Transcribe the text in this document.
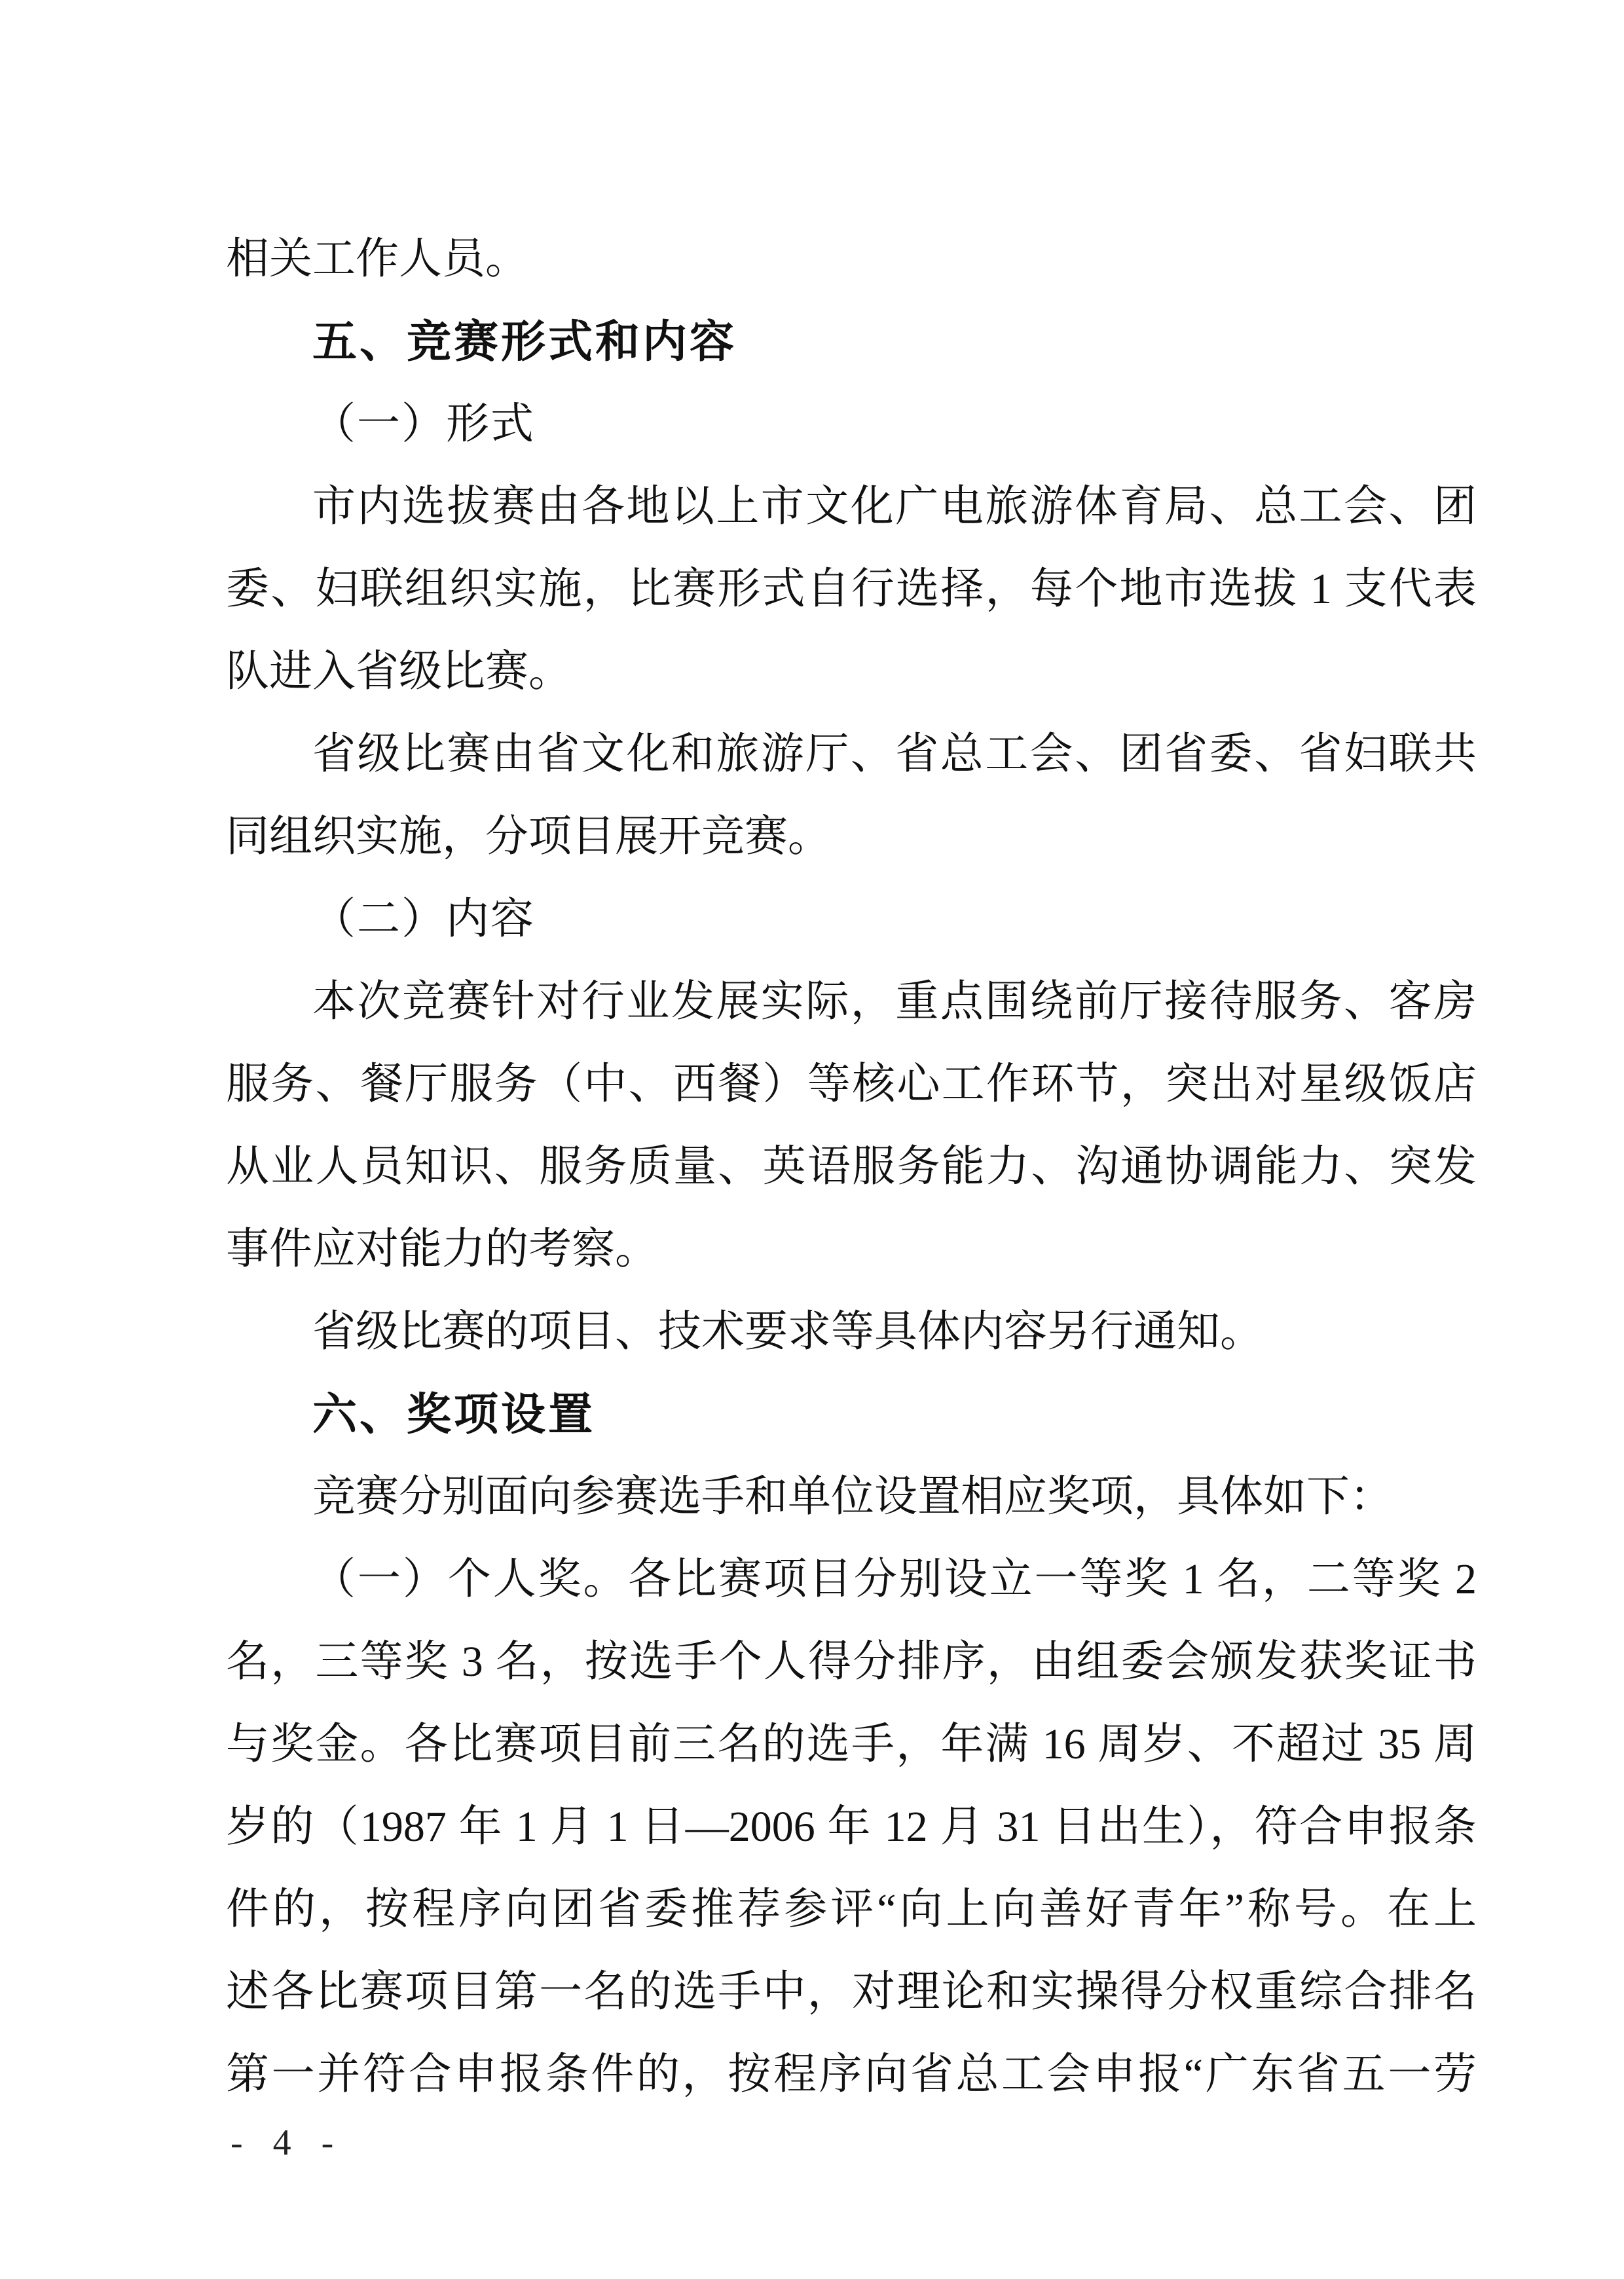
相关工作人员。
五、竞赛形式和内容
（一）形式
市内选拔赛由各地以上市文化广电旅游体育局、总工会、团
委、妇联组织实施，比赛形式自行选择，每个地市选拔 1 支代表
队进入省级比赛。
省级比赛由省文化和旅游厅、省总工会、团省委、省妇联共
同组织实施，分项目展开竞赛。
（二）内容
本次竞赛针对行业发展实际，重点围绕前厅接待服务、客房
服务、餐厅服务（中、西餐）等核心工作环节，突出对星级饭店
从业人员知识、服务质量、英语服务能力、沟通协调能力、突发
事件应对能力的考察。
省级比赛的项目、技术要求等具体内容另行通知。
六、奖项设置
竞赛分别面向参赛选手和单位设置相应奖项，具体如下：
（一）个人奖。各比赛项目分别设立一等奖 1 名，二等奖 2
名，三等奖 3 名，按选手个人得分排序，由组委会颁发获奖证书
与奖金。各比赛项目前三名的选手，年满 16 周岁、不超过 35 周
岁的（1987 年 1 月 1 日—2006 年 12 月 31 日出生），符合申报条
件的，按程序向团省委推荐参评“向上向善好青年”称号。在上
述各比赛项目第一名的选手中，对理论和实操得分权重综合排名
第一并符合申报条件的，按程序向省总工会申报“广东省五一劳
- 4 -
